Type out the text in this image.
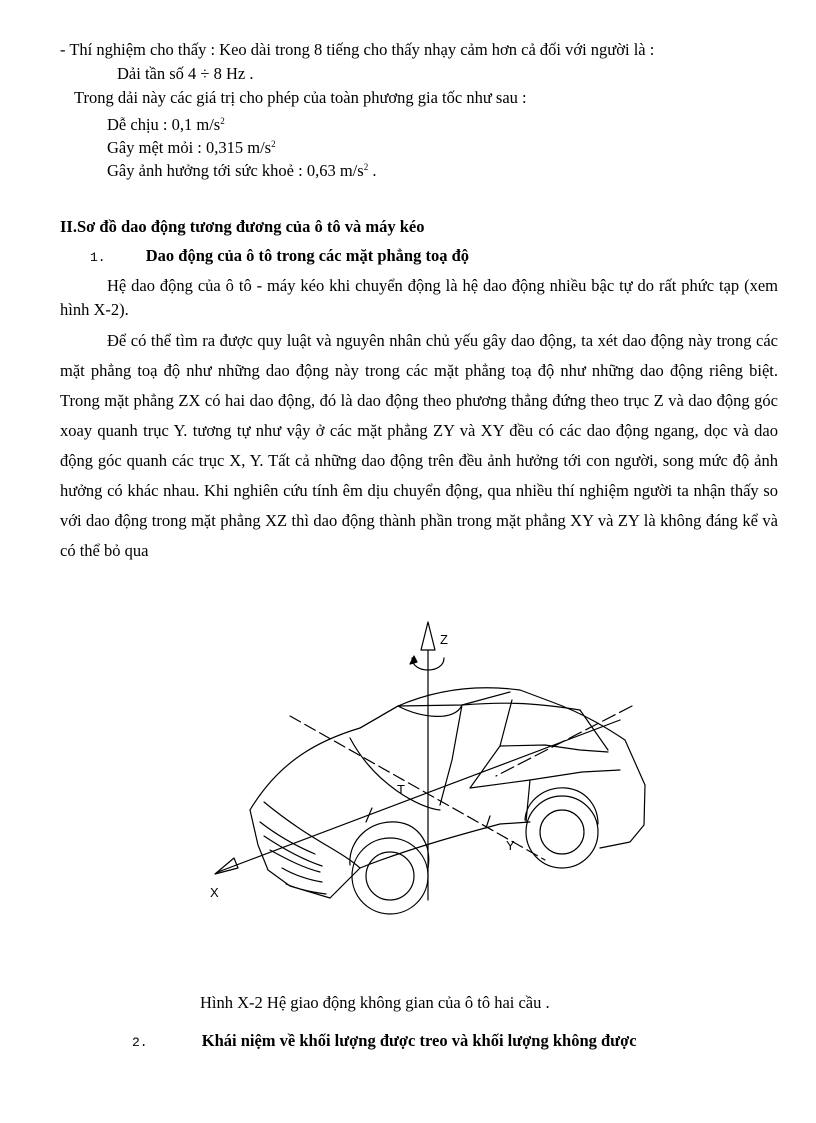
- Thí nghiệm cho thấy : Keo dài trong 8 tiếng cho thấy nhạy cảm hơn cả đối với người là :
Dải tần số 4 ÷ 8 Hz .
Trong dải này các giá trị cho phép của toàn phương gia tốc như sau :
Dễ chịu : 0,1 $m/s^2$
Gây mệt mỏi : 0,315 $m/s^2$
Gây ảnh hưởng tới sức khoẻ : 0,63 $m/s^2$ .
II.Sơ đồ dao động tương đương của ô tô và máy kéo
1. Dao động của ô tô trong các mặt phẳng toạ độ

Hệ dao động của ô tô - máy kéo khi chuyển động là hệ dao động nhiều bậc tự do rất phức tạp (xem hình X-2).

Để có thể tìm ra được quy luật và nguyên nhân chủ yếu gây dao động, ta xét dao động này trong các mặt phẳng toạ độ như những dao động này trong các mặt phẳng toạ độ như những dao động riêng biệt. Trong mặt phẳng ZX có hai dao động, đó là dao động theo phương thẳng đứng theo trục Z và dao động góc xoay quanh trục Y. tương tự như vậy ở các mặt phẳng ZY và XY đều có các dao động ngang, dọc và dao động góc quanh các trục X, Y. Tất cả những dao động trên đều ảnh hưởng tới con người, song mức độ ảnh hưởng có khác nhau. Khi nghiên cứu tính êm dịu chuyển động, qua nhiều thí nghiệm người ta nhận thấy so với dao động trong mặt phẳng XZ thì dao động thành phần trong mặt phẳng XY và ZY là không đáng kể và có thể bỏ qua

Z
T
Y
X
Hình X-2 Hệ giao động không gian của ô tô hai cầu .
2.	Khái niệm về khối lượng được treo và khối lượng không được
